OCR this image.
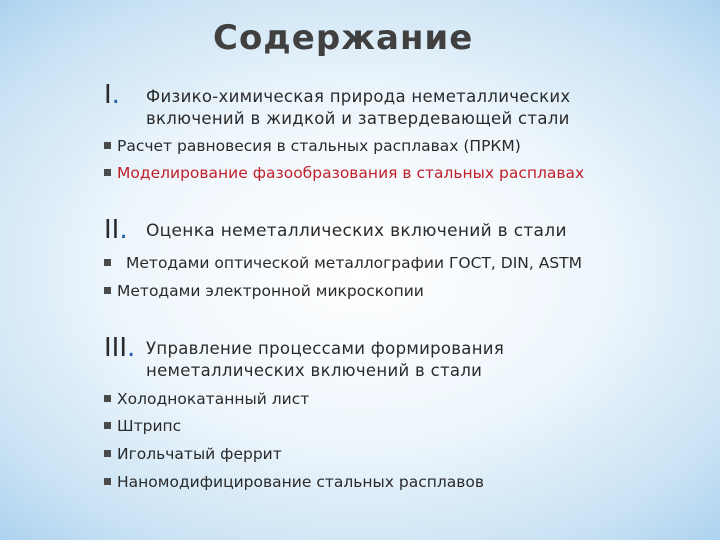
Содержание
I. Физико-химическая природа неметаллических
включений в жидкой и затвердевающей стали
Расчет равновесия в стальных расплавах (ПРКМ)
Моделирование фазообразования в стальных расплавах
II. Оценка неметаллических включений в стали
Методами оптической металлографии ГОСТ, DIN, ASTM
Методами электронной микроскопии
III. Управление процессами формирования
неметаллических включений в стали
Холоднокатанный лист
Штрипс
Игольчатый феррит
Наномодифицирование стальных расплавов
